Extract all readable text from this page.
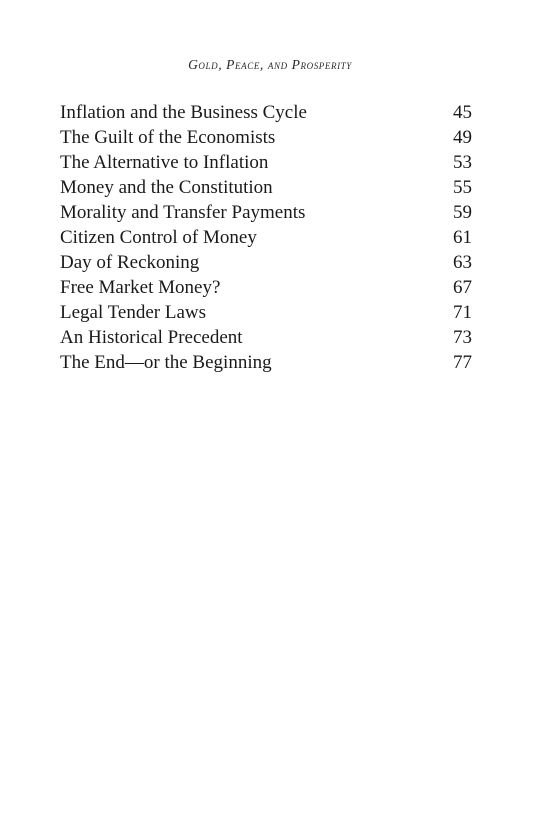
Gold, Peace, and Prosperity
Inflation and the Business Cycle	45
The Guilt of the Economists	49
The Alternative to Inflation	53
Money and the Constitution	55
Morality and Transfer Payments	59
Citizen Control of Money	61
Day of Reckoning	63
Free Market Money?	67
Legal Tender Laws	71
An Historical Precedent	73
The End—or the Beginning	77
